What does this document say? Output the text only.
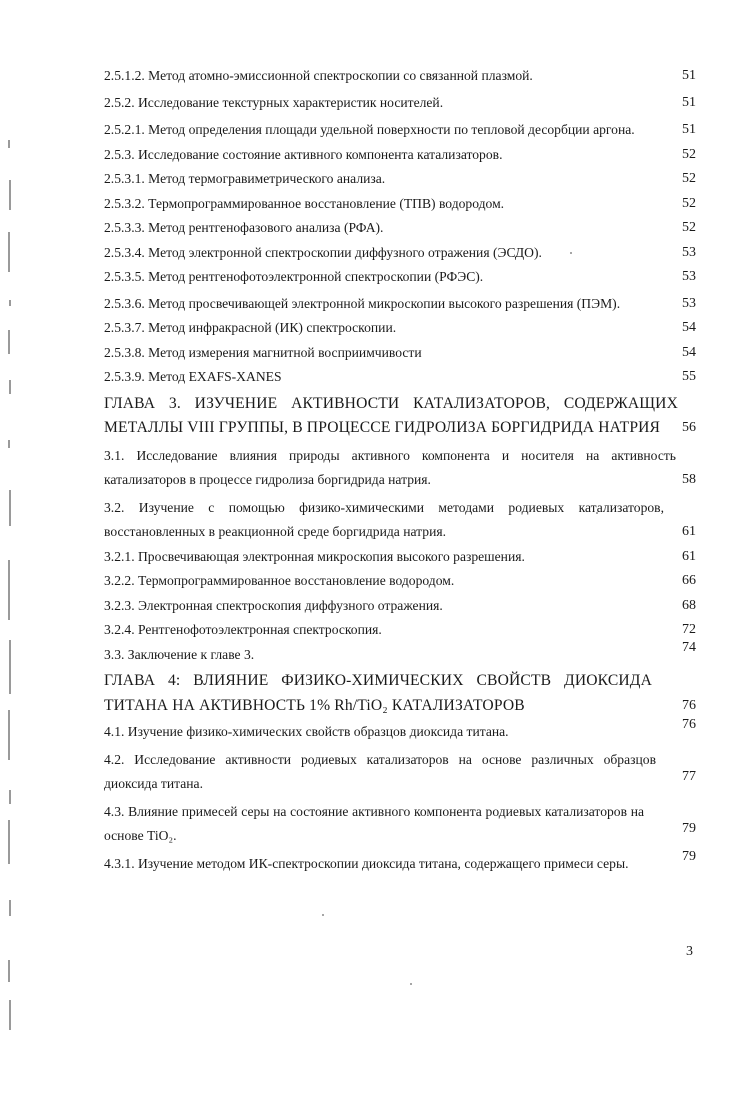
2.5.1.2. Метод атомно-эмиссионной спектроскопии со связанной плазмой.	51
2.5.2. Исследование текстурных характеристик носителей.	51
2.5.2.1. Метод определения площади удельной поверхности по тепловой десорбции аргона.	51
2.5.3. Исследование состояние активного компонента катализаторов.	52
2.5.3.1. Метод термогравиметрического анализа.	52
2.5.3.2. Термопрограммированное восстановление (ТПВ) водородом.	52
2.5.3.3. Метод рентгенофазового анализа (РФА).	52
2.5.3.4. Метод электронной спектроскопии диффузного отражения (ЭСДО).	53
2.5.3.5. Метод рентгенофотоэлектронной спектроскопии (РФЭС).	53
2.5.3.6. Метод просвечивающей электронной микроскопии высокого разрешения (ПЭМ).	53
2.5.3.7. Метод инфракрасной (ИК) спектроскопии.	54
2.5.3.8. Метод измерения магнитной восприимчивости	54
2.5.3.9. Метод EXAFS-XANES	55
ГЛАВА 3. ИЗУЧЕНИЕ АКТИВНОСТИ КАТАЛИЗАТОРОВ, СОДЕРЖАЩИХ МЕТАЛЛЫ VIII ГРУППЫ, В ПРОЦЕССЕ ГИДРОЛИЗА БОРГИДРИДА НАТРИЯ	56
3.1. Исследование влияния природы активного компонента и носителя на активность катализаторов в процессе гидролиза боргидрида натрия.	58
3.2. Изучение с помощью физико-химическими методами родиевых катализаторов, восстановленных в реакционной среде боргидрида натрия.	61
3.2.1. Просвечивающая электронная микроскопия высокого разрешения.	61
3.2.2. Термопрограммированное восстановление водородом.	66
3.2.3. Электронная спектроскопия диффузного отражения.	68
3.2.4. Рентгенофотоэлектронная спектроскопия.	72
3.3. Заключение к главе 3.	74
ГЛАВА 4: ВЛИЯНИЕ ФИЗИКО-ХИМИЧЕСКИХ СВОЙСТВ ДИОКСИДА ТИТАНА НА АКТИВНОСТЬ 1% Rh/TiO₂ КАТАЛИЗАТОРОВ	76
4.1. Изучение физико-химических свойств образцов диоксида титана.	76
4.2. Исследование активности родиевых катализаторов на основе различных образцов диоксида титана.	77
4.3. Влияние примесей серы на состояние активного компонента родиевых катализаторов на основе TiO₂.	79
4.3.1. Изучение методом ИК-спектроскопии диоксида титана, содержащего примеси серы.	79
3
